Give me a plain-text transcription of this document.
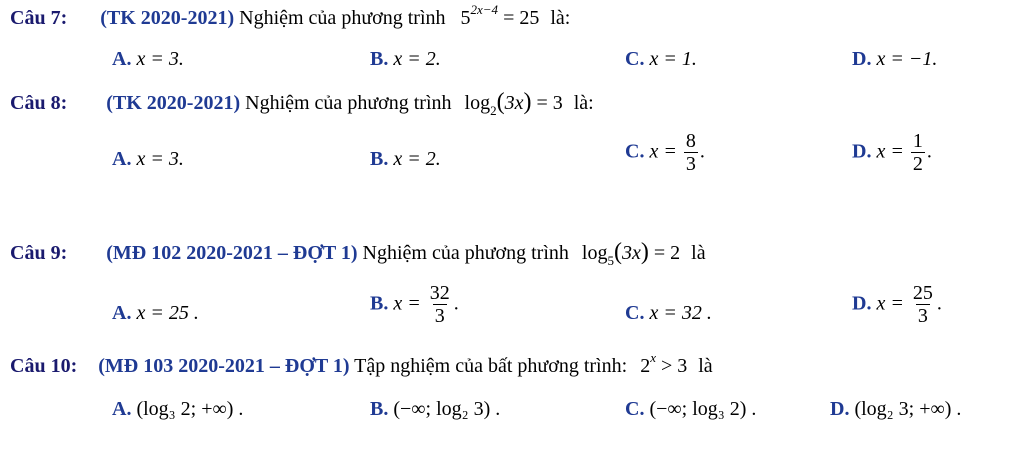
Câu 7: (TK 2020-2021) Nghiệm của phương trình $5^{2x-4} = 25$ là:
A. x = 3.	B. x = 2.	C. x = 1.	D. x = −1.
Câu 8: (TK 2020-2021) Nghiệm của phương trình $\log_2(3x) = 3$ là:
A. x = 3.	B. x = 2.	C. $x = \frac{8}{3}$ .	D. $x = \frac{1}{2}$ .
Câu 9: (MĐ 102 2020-2021 – ĐỢT 1) Nghiệm của phương trình $\log_5(3x) = 2$ là
A. x = 25 .	B. $x = \frac{32}{3}$ .	C. x = 32 .	D. $x = \frac{25}{3}$ .
Câu 10: (MĐ 103 2020-2021 – ĐỢT 1) Tập nghiệm của bất phương trình: $2^x > 3$ là
A. (log₃ 2; +∞) .	B. (−∞; log₂ 3) .	C. (−∞; log₃ 2) .	D. (log₂ 3; +∞) .
